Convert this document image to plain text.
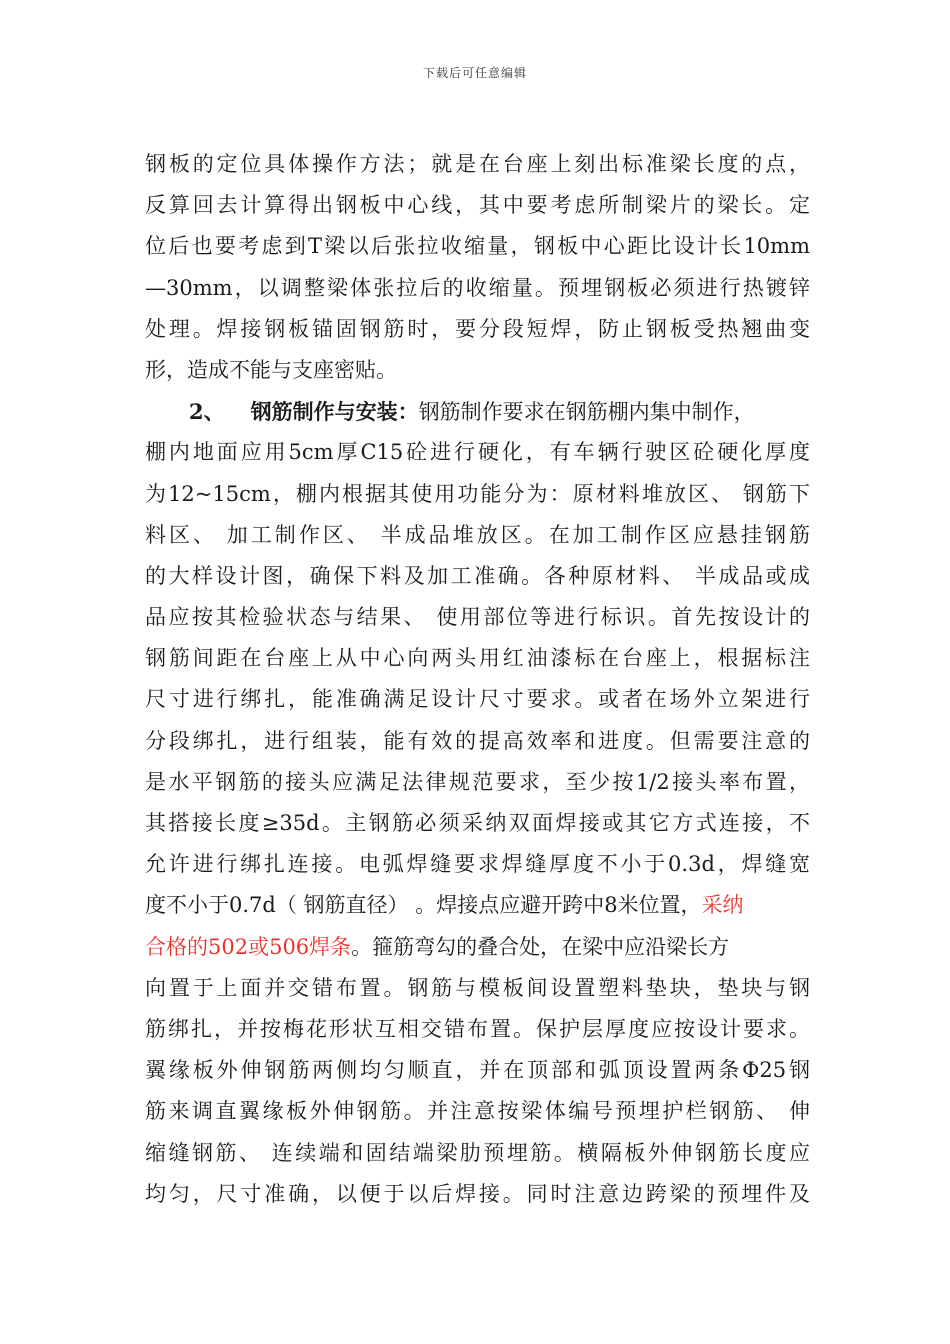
下载后可任意编辑
钢板的定位具体操作方法；就是在台座上刻出标准梁长度的点，
反算回去计算得出钢板中心线，其中要考虑所制梁片的梁长。定
位后也要考虑到T梁以后张拉收缩量，钢板中心距比设计长10mm
—30mm，以调整梁体张拉后的收缩量。预埋钢板必须进行热镀锌
处理。焊接钢板锚固钢筋时，要分段短焊，防止钢板受热翘曲变
形，造成不能与支座密贴。
2、 钢筋制作与安装：钢筋制作要求在钢筋棚内集中制作，
棚内地面应用5cm厚C15砼进行硬化，有车辆行驶区砼硬化厚度
为12~15cm，棚内根据其使用功能分为：原材料堆放区、 钢筋下
料区、 加工制作区、 半成品堆放区。在加工制作区应悬挂钢筋
的大样设计图，确保下料及加工准确。各种原材料、 半成品或成
品应按其检验状态与结果、 使用部位等进行标识。首先按设计的
钢筋间距在台座上从中心向两头用红油漆标在台座上，根据标注
尺寸进行绑扎，能准确满足设计尺寸要求。或者在场外立架进行
分段绑扎，进行组装，能有效的提高效率和进度。但需要注意的
是水平钢筋的接头应满足法律规范要求，至少按1/2接头率布置，
其搭接长度≥35d。主钢筋必须采纳双面焊接或其它方式连接，不
允许进行绑扎连接。电弧焊缝要求焊缝厚度不小于0.3d，焊缝宽
度不小于0.7d（ 钢筋直径） 。焊接点应避开跨中8米位置，采纳
合格的502或506焊条。箍筋弯勾的叠合处，在梁中应沿梁长方
向置于上面并交错布置。钢筋与模板间设置塑料垫块，垫块与钢
筋绑扎，并按梅花形状互相交错布置。保护层厚度应按设计要求。
翼缘板外伸钢筋两侧均匀顺直，并在顶部和弧顶设置两条Φ25钢
筋来调直翼缘板外伸钢筋。并注意按梁体编号预埋护栏钢筋、 伸
缩缝钢筋、 连续端和固结端梁肋预埋筋。横隔板外伸钢筋长度应
均匀，尺寸准确，以便于以后焊接。同时注意边跨梁的预埋件及
